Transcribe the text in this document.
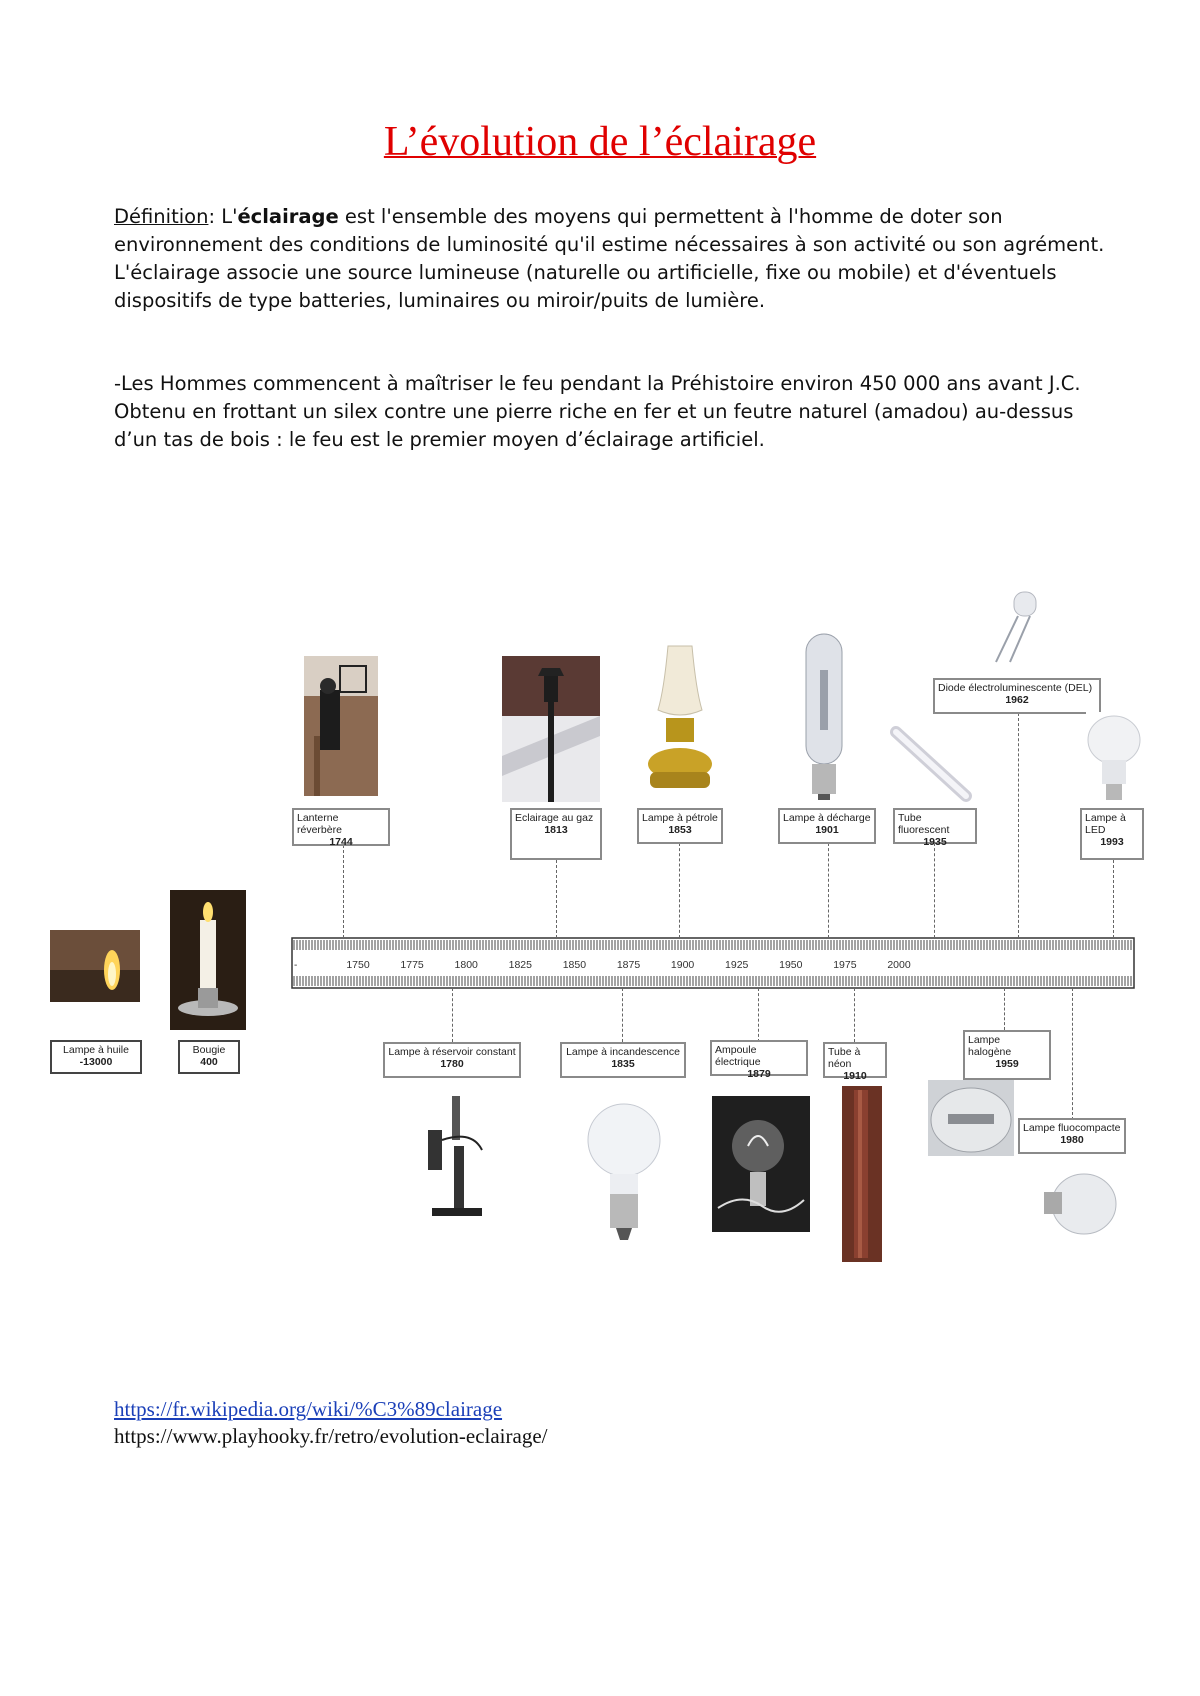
L’évolution de l’éclairage

Définition: L'éclairage est l'ensemble des moyens qui permettent à l'homme de doter son

environnement des conditions de luminosité qu'il estime nécessaires à son activité ou son agrément.

L'éclairage associe une source lumineuse (naturelle ou artificielle, fixe ou mobile) et d'éventuels

dispositifs de type batteries, luminaires ou miroir/puits de lumière.

-Les Hommes commencent à maîtriser le feu pendant la Préhistoire environ 450 000 ans avant J.C.

Obtenu en frottant un silex contre une pierre riche en fer et un feutre naturel (amadou) au-dessus

d’un tas de bois : le feu est le premier moyen d’éclairage artificiel.

-	1750	1775	1800	1825	1850	1875	1900	1925	1950	1975	2000
Lanterne réverbère
1744
Eclairage au gaz
1813
Lampe à pétrole
1853
Lampe à décharge
1901
Tube fluorescent
1935
Diode électroluminescente (DEL)
1962
Lampe à LED
1993
Lampe à réservoir constant
1780
Lampe à incandescence
1835
Ampoule électrique
1879
Tube à néon
1910
Lampe halogène
1959
Lampe fluocompacte
1980
Lampe à huile
-13000
Bougie
400
https://fr.wikipedia.org/wiki/%C3%89clairage
https://www.playhooky.fr/retro/evolution-eclairage/
